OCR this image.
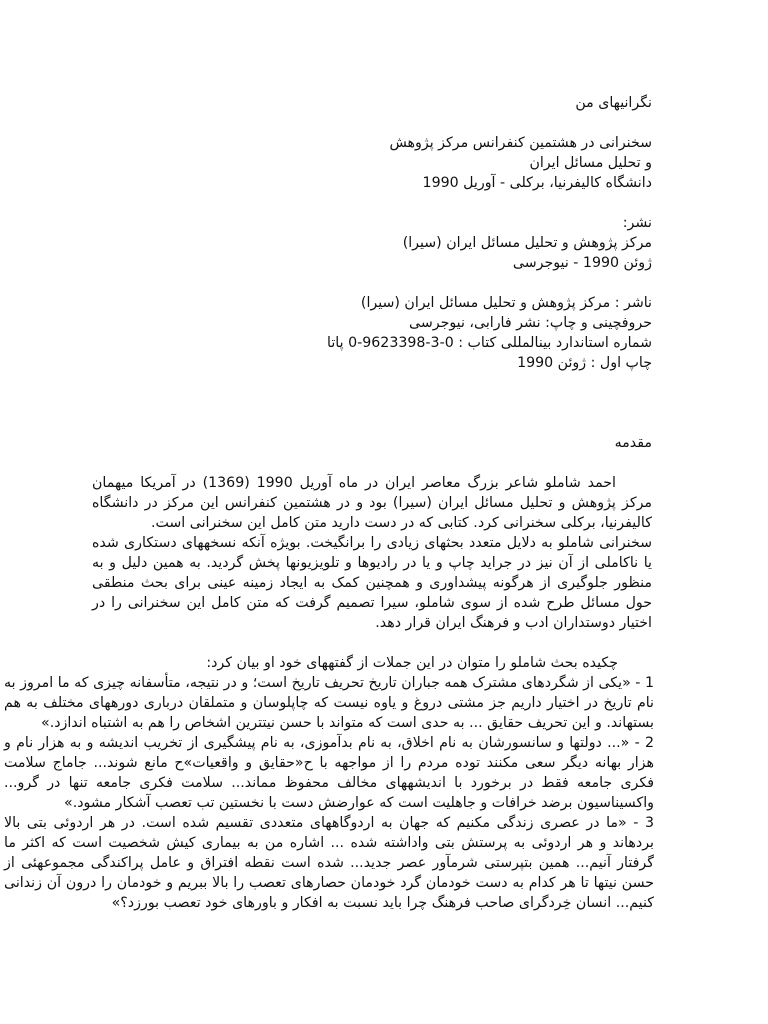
نگرانیهای من
سخنرانی در هشتمین کنفرانس مرکز پژوهش
و تحلیل مسائل ایران
دانشگاه کالیفرنیا، برکلی - آوریل 1990
نشر:
مرکز پژوهش و تحلیل مسائل ایران (سیرا)
ژوئن 1990 - نیوجرسی
ناشر : مرکز پژوهش و تحلیل مسائل ایران (سیرا)
حروفچینی و چاپ: نشر فارابی، نیوجرسی
شماره استاندارد بینالمللی کتاب : 0-3-9623398-0 پاتا
چاپ اول : ژوئن 1990
مقدمه
احمد شاملو شاعر بزرگ معاصر ایران در ماه آوریل 1990 (1369) در آمریکا میهمان مرکز پژوهش و تحلیل مسائل ایران (سیرا) بود و در هشتمین کنفرانس این مرکز در دانشگاه کالیفرنیا، برکلی سخنرانی کرد. کتابی که در دست دارید متن کامل این سخنرانی است.
سخنرانی شاملو به دلایل متعدد بحثهای زیادی را برانگیخت. بویژه آنکه نسخههای دستکاری شده یا ناکاملی از آن نیز در جراید چاپ و یا در رادیوها و تلویزیونها پخش گردید. به همین دلیل و به منظور جلوگیری از هرگونه پیشداوری و همچنین کمک به ایجاد زمینه عینی برای بحث منطقی حول مسائل طرح شده از سوی شاملو، سیرا تصمیم گرفت که متن کامل این سخنرانی را در اختیار دوستداران ادب و فرهنگ ایران قرار دهد.
چکیده بحث شاملو را متوان در این جملات از گفتههای خود او بیان کرد:
1 - «یکی از شگردهای مشترک همه جباران تاریخ تحریف تاریخ است؛ و در نتیجه، متأسفانه چیزی که ما امروز به نام تاریخ در اختیار داریم جز مشتی دروغ و یاوه نیست که چاپلوسان و متملقان درباری دورههای مختلف به هم بستهاند. و این تحریف حقایق ... به حدی است که متواند با حسن نیتترین اشخاص را هم به اشتباه اندازد.»
2 - «... دولتها و سانسورشان به نام اخلاق، به نام بدآموزی، به نام پیشگیری از تخریب اندیشه و به هزار نام و هزار بهانه دیگر سعی مکنند توده مردم را از مواجهه با ح«حقایق و واقعیات»ح مانع شوند... جاماج سلامت فکری جامعه فقط در برخورد با اندیشههای مخالف محفوظ مماند... سلامت فکری جامعه تنها در گرو... واکسیناسیون برضد خرافات و جاهلیت است که عوارضش دست با نخستین تب تعصب آشکار مشود.»
3 - «ما در عصری زندگی مکنیم که جهان به اردوگاههای متعددی تقسیم شده است. در هر اردوئی بتی بالا بردهاند و هر اردوئی به پرستش بتی واداشته شده ... اشاره من به بیماری کیش شخصیت است که اکثر ما گرفتار آنیم... همین بتپرستی شرمآور عصر جدید... شده است نقطه افتراق و عامل پراکندگی مجموعهئی از حسن نیتها تا هر کدام به دست خودمان گرد خودمان حصارهای تعصب را بالا ببریم و خودمان را درون آن زندانی کنیم... انسان خِردگرای صاحب فرهنگ چرا باید نسبت به افکار و باورهای خود تعصب بورزد؟»
